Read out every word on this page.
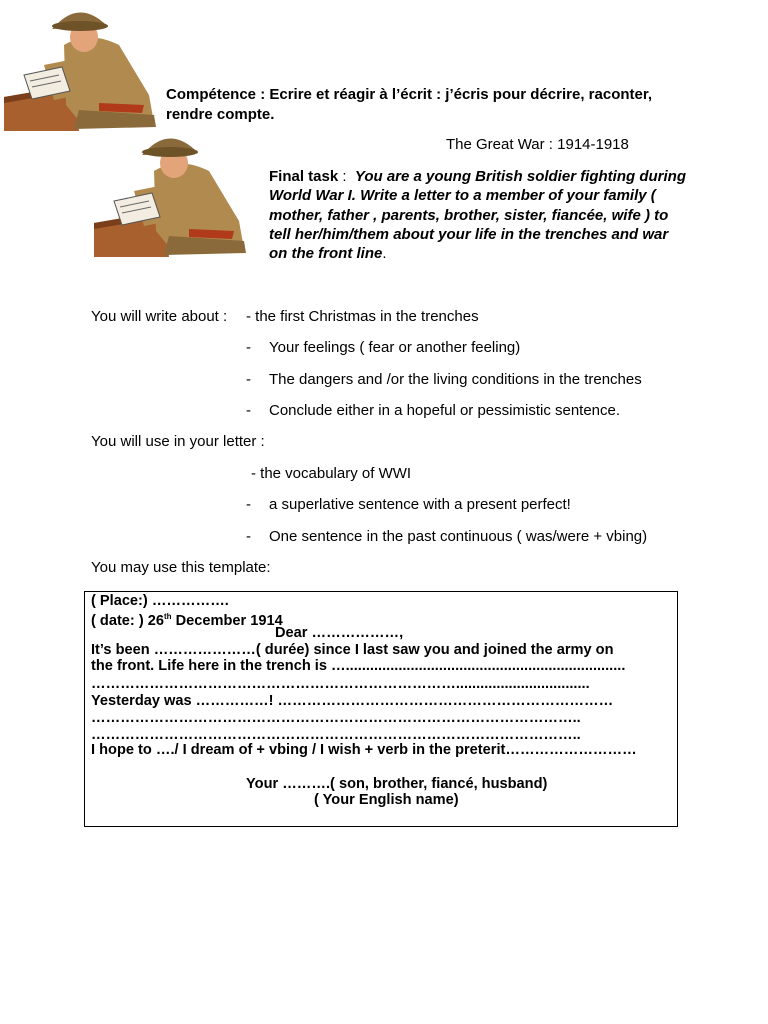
Compétence : Ecrire et réagir à l’écrit : j’écris pour décrire, raconter, rendre compte.
The Great War : 1914-1918
Final task :  You are a young British soldier fighting during World War I. Write a letter to a member of your family ( mother, father , parents, brother, sister, fiancée, wife ) to tell her/him/them about your life in the trenches and war on the front line.
You will write about : - the first Christmas in the trenches
- Your feelings ( fear or another feeling)
- The dangers and /or the living conditions in the trenches
- Conclude either in a hopeful or pessimistic sentence.
You will use in your letter :
- the vocabulary of WWI
- a superlative sentence with a present perfect!
- One sentence in the past continuous ( was/were + vbing)
You may use this template:
( Place:) …………….
( date: ) 26th December 1914
Dear ………………,
It’s been …………………( durée) since I last saw you and joined the army on
the front. Life here in the trench is ….....................................................................
………………………………………………………………….................................
Yesterday was ……………! ……………………………………………………………
………………………………………………………………………………………..
………………………………………………………………………………………..
I hope to …./ I dream of + vbing / I wish + verb in the preterit………………………
Your ……….( son, brother, fiancé, husband)
( Your English name)
